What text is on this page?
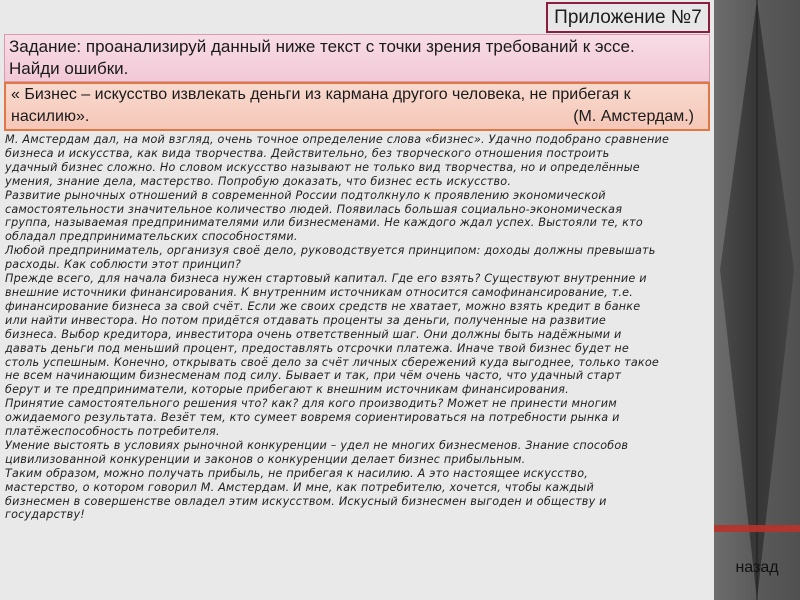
Приложение №7
Задание: проанализируй данный ниже текст с точки зрения требований к эссе.
Найди ошибки.
« Бизнес – искусство извлекать деньги из кармана другого человека, не прибегая к
насилию».	(М. Амстердам.)

М. Амстердам дал, на мой взгляд, очень точное определение слова «бизнес». Удачно подобрано сравнение

бизнеса и искусства, как вида творчества. Действительно, без творческого отношения построить

удачный бизнес сложно. Но словом искусство называют не только вид творчества, но и определённые

умения, знание дела, мастерство. Попробую доказать, что бизнес есть искусство.

Развитие рыночных отношений в современной России подтолкнуло к проявлению экономической

самостоятельности значительное количество людей. Появилась большая социально-экономическая

группа, называемая предпринимателями или бизнесменами. Не каждого ждал успех. Выстояли те, кто

обладал предпринимательских способностями.

Любой предприниматель, организуя своё дело, руководствуется принципом: доходы должны превышать

расходы. Как соблюсти этот принцип?

Прежде всего, для начала бизнеса нужен стартовый капитал. Где его взять? Существуют внутренние и

внешние источники финансирования. К внутренним источникам относится самофинансирование, т.е.

финансирование бизнеса за свой счёт. Если же своих средств не хватает, можно взять кредит в банке

или найти инвестора. Но потом придётся отдавать проценты за деньги, полученные на развитие

бизнеса. Выбор кредитора, инвеститора очень ответственный шаг. Они должны быть надёжными и

давать деньги под меньший процент, предоставлять отсрочки платежа. Иначе твой бизнес будет не

столь успешным. Конечно, открывать своё дело за счёт личных сбережений куда выгоднее, только такое

не всем начинающим бизнесменам под силу. Бывает и так, при чём очень часто, что удачный старт

берут и те предприниматели, которые прибегают к внешним источникам финансирования.

Принятие самостоятельного решения что? как? для кого производить? Может не принести многим

ожидаемого результата. Везёт тем, кто сумеет вовремя сориентироваться на потребности рынка и

платёжеспособность потребителя.

Умение выстоять в условиях рыночной конкуренции – удел не многих бизнесменов. Знание способов

цивилизованной конкуренции и законов о конкуренции делает бизнес прибыльным.

Таким образом, можно получать прибыль, не прибегая к насилию. А это настоящее искусство,

мастерство, о котором говорил М. Амстердам. И мне, как потребителю, хочется, чтобы каждый

бизнесмен в совершенстве овладел этим искусством. Искусный бизнесмен выгоден и обществу и

государству!

назад
